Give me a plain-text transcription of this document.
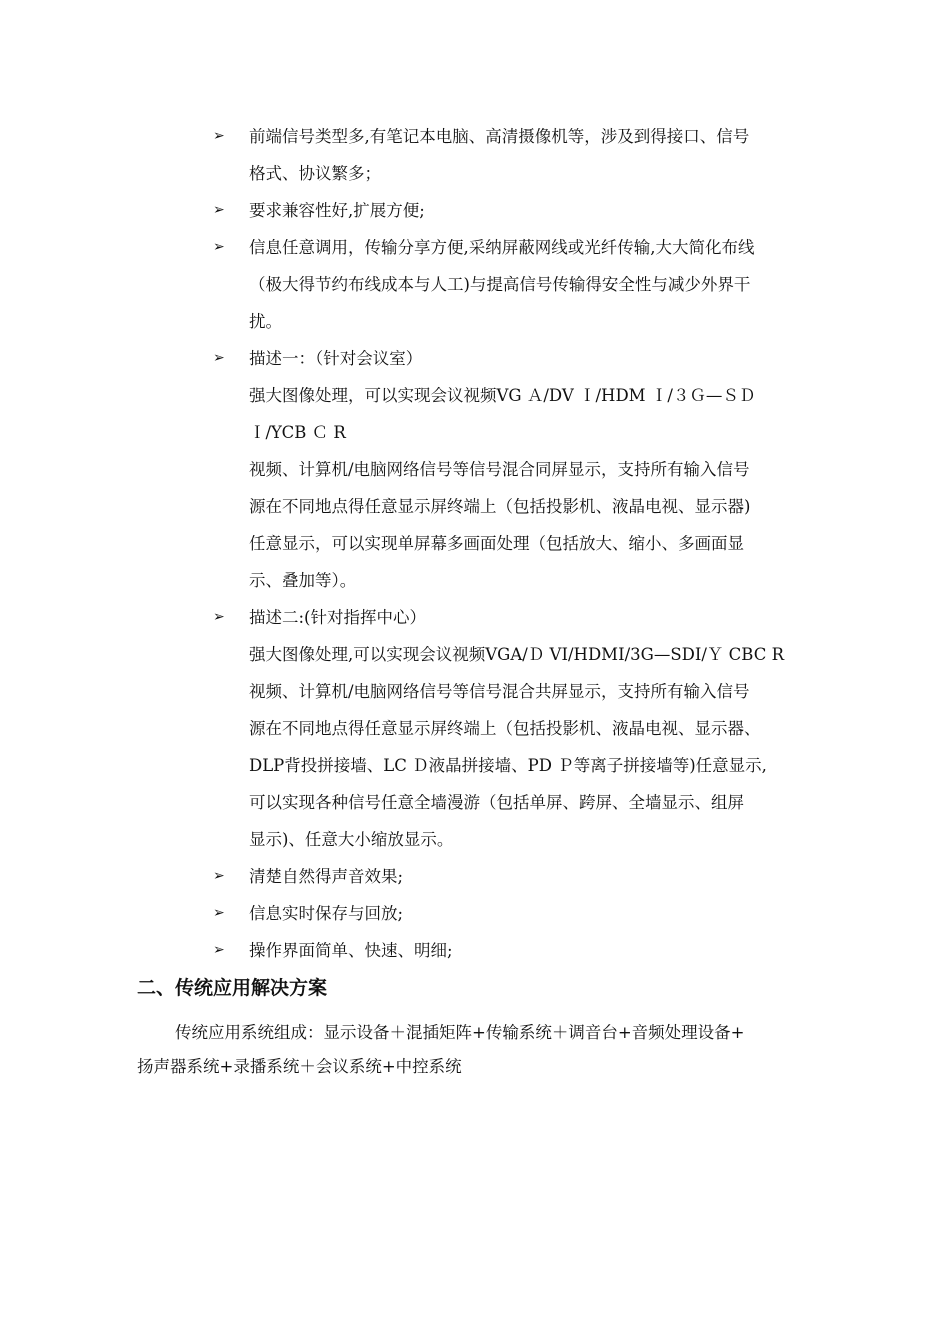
➢	前端信号类型多,有笔记本电脑、高清摄像机等，涉及到得接口、信号
格式、协议繁多；
➢	要求兼容性好,扩展方便;
➢	信息任意调用，传输分享方便,采纳屏蔽网线或光纤传输,大大简化布线
（极大得节约布线成本与人工)与提高信号传输得安全性与减少外界干
扰。
➢	描述一：（针对会议室）
强大图像处理，可以实现会议视频VG Ａ/DV Ｉ/HDM Ｉ/３Ｇ—ＳＤ
Ｉ/YCB Ｃ R
视频、计算机/电脑网络信号等信号混合同屏显示，支持所有输入信号
源在不同地点得任意显示屏终端上（包括投影机、液晶电视、显示器)
任意显示，可以实现单屏幕多画面处理（包括放大、缩小、多画面显
示、叠加等）。
➢	描述二:(针对指挥中心）
强大图像处理,可以实现会议视频VGA/Ｄ VI/HDMI/3G—SDI/Ｙ CBC R
视频、计算机/电脑网络信号等信号混合共屏显示，支持所有输入信号
源在不同地点得任意显示屏终端上（包括投影机、液晶电视、显示器、
DLP背投拼接墙、LC Ｄ液晶拼接墙、PD Ｐ等离子拼接墙等)任意显示,
可以实现各种信号任意全墙漫游（包括单屏、跨屏、全墙显示、组屏
显示)、任意大小缩放显示。
➢	清楚自然得声音效果;
➢	信息实时保存与回放;
➢	操作界面简单、快速、明细;
二、传统应用解决方案

传统应用系统组成：显示设备＋混插矩阵+传输系统＋调音台+音频处理设备+
扬声器系统+录播系统＋会议系统+中控系统
